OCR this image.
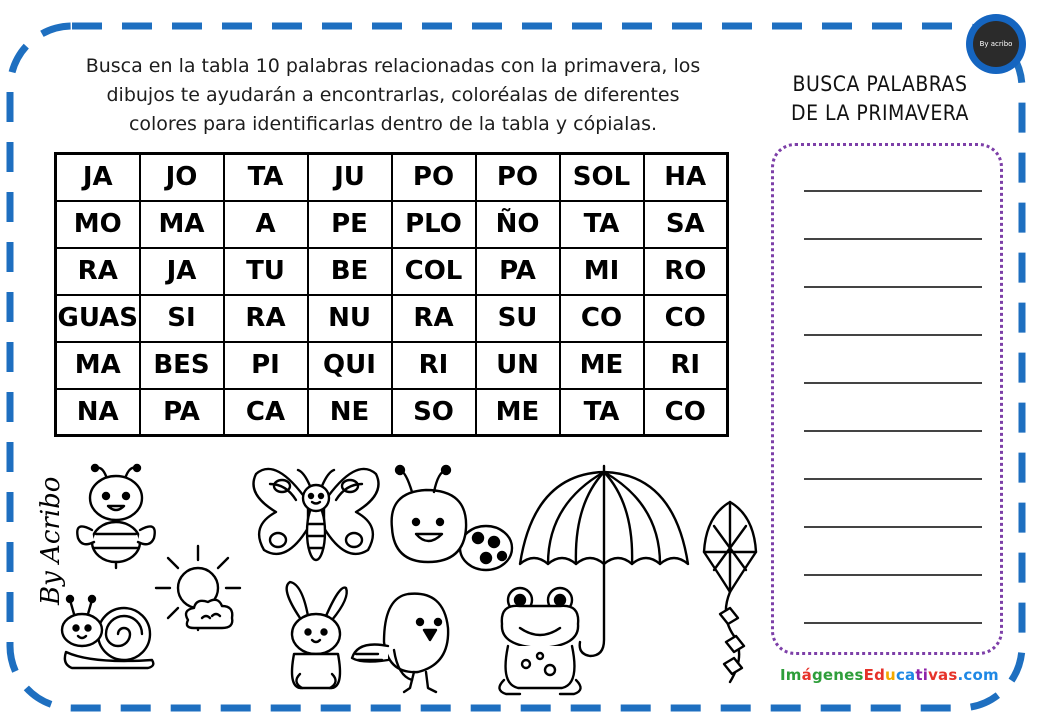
Busca en la tabla 10 palabras relacionadas con la primavera, los
dibujos te ayudarán a encontrarlas, coloréalas de diferentes
colores para identificarlas dentro de la tabla y cópialas.
BUSCA PALABRAS
DE LA PRIMAVERA
By acribo
JA	JO	TA	JU	PO	PO	SOL	HA
MO	MA	A	PE	PLO	ÑO	TA	SA
RA	JA	TU	BE	COL	PA	MI	RO
GUAS	SI	RA	NU	RA	SU	CO	CO
MA	BES	PI	QUI	RI	UN	ME	RI
NA	PA	CA	NE	SO	ME	TA	CO
By Acribo
ImágenesEducativas.com
